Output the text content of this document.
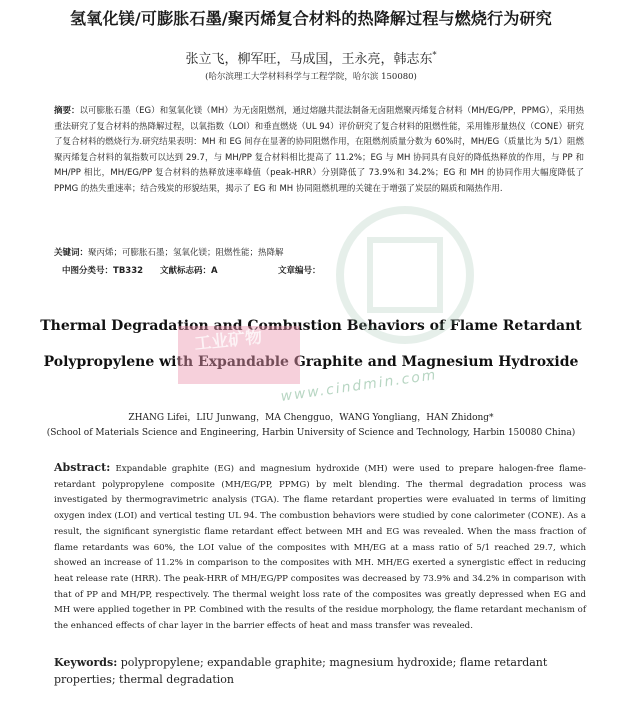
氢氧化镁/可膨胀石墨/聚丙烯复合材料的热降解过程与燃烧行为研究
张立飞，柳军旺，马成国，王永亮，韩志东*
(哈尔滨理工大学材料科学与工程学院，哈尔滨 150080)
摘要：以可膨胀石墨（EG）和氢氧化镁（MH）为无卤阻燃剂，通过熔融共混法制备无卤阻燃聚丙烯复合材料（MH/EG/PP，PPMG），采用热重法研究了复合材料的热降解过程，以氧指数（LOI）和垂直燃烧（UL 94）评价研究了复合材料的阻燃性能，采用锥形量热仪（CONE）研究了复合材料的燃烧行为.研究结果表明：MH 和 EG 间存在显著的协同阻燃作用，在阻燃剂质量分数为 60%时，MH/EG（质量比为 5/1）阻燃聚丙烯复合材料的氧指数可以达到 29.7，与 MH/PP 复合材料相比提高了 11.2%；EG 与 MH 协同具有良好的降低热释放的作用，与 PP 和 MH/PP 相比，MH/EG/PP 复合材料的热释放速率峰值（peak-HRR）分别降低了 73.9%和 34.2%；EG 和 MH 的协同作用大幅度降低了 PPMG 的热失重速率；结合残炭的形貌结果，揭示了 EG 和 MH 协同阻燃机理的关键在于增强了炭层的隔质和隔热作用.
关键词：聚丙烯；可膨胀石墨；氢氧化镁；阻燃性能；热降解
中图分类号：TB332 文献标志码：A	文章编号：
Thermal Degradation and Combustion Behaviors of Flame Retardant
Polypropylene with Expandable Graphite and Magnesium Hydroxide
工业矿物
www.cindmin.com
ZHANG Lifei，LIU Junwang，MA Chengguo，WANG Yongliang，HAN Zhidong*
(School of Materials Science and Engineering, Harbin University of Science and Technology, Harbin 150080 China)
Abstract: Expandable graphite (EG) and magnesium hydroxide (MH) were used to prepare halogen-free flame-retardant polypropylene composite (MH/EG/PP, PPMG) by melt blending. The thermal degradation process was investigated by thermogravimetric analysis (TGA). The flame retardant properties were evaluated in terms of limiting oxygen index (LOI) and vertical testing UL 94. The combustion behaviors were studied by cone calorimeter (CONE). As a result, the significant synergistic flame retardant effect between MH and EG was revealed. When the mass fraction of flame retardants was 60%, the LOI value of the composites with MH/EG at a mass ratio of 5/1 reached 29.7, which showed an increase of 11.2% in comparison to the composites with MH. MH/EG exerted a synergistic effect in reducing heat release rate (HRR). The peak-HRR of MH/EG/PP composites was decreased by 73.9% and 34.2% in comparison with that of PP and MH/PP, respectively. The thermal weight loss rate of the composites was greatly depressed when EG and MH were applied together in PP. Combined with the results of the residue morphology, the flame retardant mechanism of the enhanced effects of char layer in the barrier effects of heat and mass transfer was revealed.
Keywords: polypropylene; expandable graphite; magnesium hydroxide; flame retardant properties; thermal degradation
